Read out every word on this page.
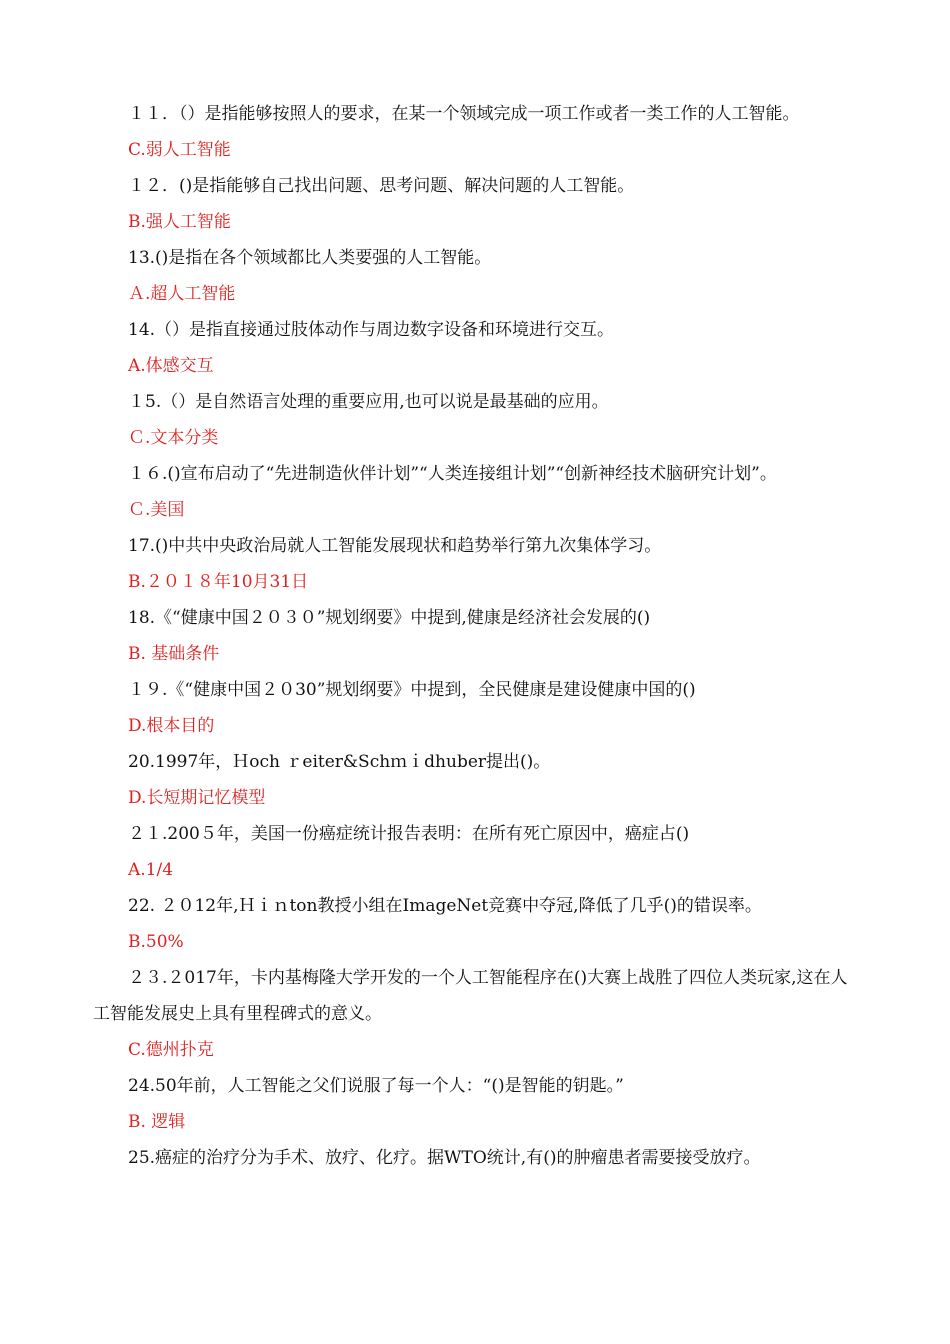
１１．（）是指能够按照人的要求，在某一个领域完成一项工作或者一类工作的人工智能。

C.弱人工智能

１２．()是指能够自己找出问题、思考问题、解决问题的人工智能。

B.强人工智能

13.()是指在各个领域都比人类要强的人工智能。

Ａ.超人工智能

14.（）是指直接通过肢体动作与周边数字设备和环境进行交互。

A.体感交互

１5.（）是自然语言处理的重要应用,也可以说是最基础的应用。

Ｃ.文本分类

１６.()宣布启动了“先进制造伙伴计划”“人类连接组计划”“创新神经技术脑研究计划”。

Ｃ.美国

17.()中共中央政治局就人工智能发展现状和趋势举行第九次集体学习。

B.２０１８年10月31日

18.《“健康中国２０３０”规划纲要》中提到,健康是经济社会发展的()

B. 基础条件

１９.《“健康中国２０30”规划纲要》中提到，全民健康是建设健康中国的()

D.根本目的

20.1997年，Ｈoch ｒeiter&Schｍｉdhuber提出()。

D.长短期记忆模型

２１.200５年，美国一份癌症统计报告表明：在所有死亡原因中，癌症占()

A.1/4

22. ２０12年,Ｈｉｎton教授小组在ImageNet竞赛中夺冠,降低了几乎()的错误率。

B.50%

２３.２017年，卡内基梅隆大学开发的一个人工智能程序在()大赛上战胜了四位人类玩家,这在人工智能发展史上具有里程碑式的意义。

C.德州扑克

24.50年前，人工智能之父们说服了每一个人：“()是智能的钥匙。”

B. 逻辑

25.癌症的治疗分为手术、放疗、化疗。据WTO统计,有()的肿瘤患者需要接受放疗。
